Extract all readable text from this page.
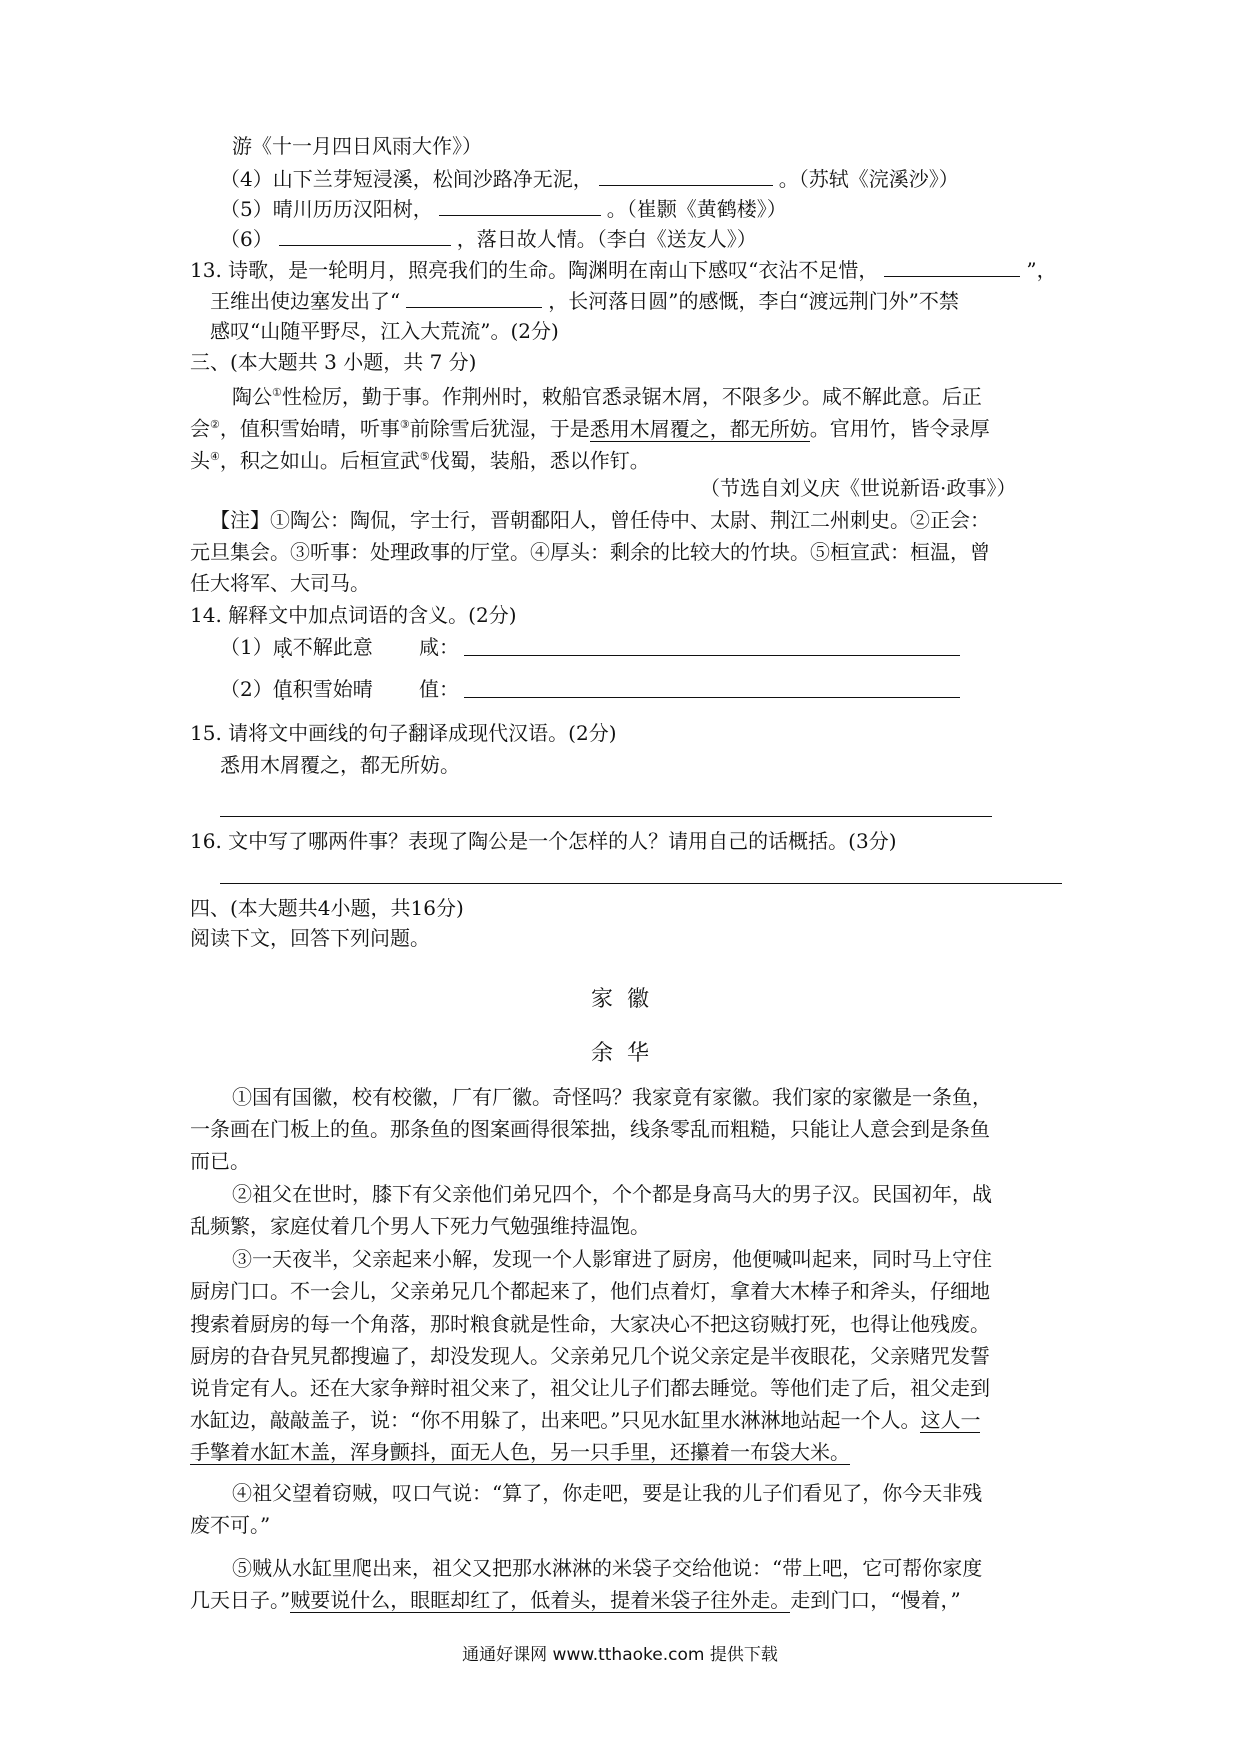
游《十一月四日风雨大作》）
（4）山下兰芽短浸溪，松间沙路净无泥，	。（苏轼《浣溪沙》）
（5）晴川历历汉阳树，	。（崔颢《黄鹤楼》）
（6）	，落日故人情。（李白《送友人》）
13. 诗歌，是一轮明月，照亮我们的生命。陶渊明在南山下感叹“衣沾不足惜，	”，
王维出使边塞发出了“	，长河落日圆”的感慨，李白“渡远荆门外”不禁
感叹“山随平野尽，江入大荒流”。(2分)
三、(本大题共 3 小题，共 7 分)
陶公①性检厉，勤于事。作荆州时，敕船官悉录锯木屑，不限多少。咸不解此意。后正
会②，值积雪始晴，听事③前除雪后犹湿，于是悉用木屑覆之，都无所妨。官用竹，皆令录厚
头④，积之如山。后桓宣武⑤伐蜀，装船，悉以作钉。
（节选自刘义庆《世说新语·政事》）
【注】①陶公：陶侃，字士行，晋朝鄱阳人，曾任侍中、太尉、荆江二州刺史。②正会：
元旦集会。③听事：处理政事的厅堂。④厚头：剩余的比较大的竹块。⑤桓宣武：桓温，曾
任大将军、大司马。
14. 解释文中加点词语的含义。(2分)
（1）咸不解此意 咸：
（2）值积雪始晴 值：
15. 请将文中画线的句子翻译成现代汉语。(2分)
悉用木屑覆之，都无所妨。
16. 文中写了哪两件事？表现了陶公是一个怎样的人？请用自己的话概括。(3分)
四、(本大题共4小题，共16分)
阅读下文，回答下列问题。
家徽
余华
①国有国徽，校有校徽，厂有厂徽。奇怪吗？我家竟有家徽。我们家的家徽是一条鱼，
一条画在门板上的鱼。那条鱼的图案画得很笨拙，线条零乱而粗糙，只能让人意会到是条鱼
而已。
②祖父在世时，膝下有父亲他们弟兄四个，个个都是身高马大的男子汉。民国初年，战
乱频繁，家庭仗着几个男人下死力气勉强维持温饱。
③一天夜半，父亲起来小解，发现一个人影窜进了厨房，他便喊叫起来，同时马上守住
厨房门口。不一会儿，父亲弟兄几个都起来了，他们点着灯，拿着大木棒子和斧头，仔细地
搜索着厨房的每一个角落，那时粮食就是性命，大家决心不把这窃贼打死，也得让他残废。
厨房的旮旮旯旯都搜遍了，却没发现人。父亲弟兄几个说父亲定是半夜眼花，父亲赌咒发誓
说肯定有人。还在大家争辩时祖父来了，祖父让儿子们都去睡觉。等他们走了后，祖父走到
水缸边，敲敲盖子，说：“你不用躲了，出来吧。”只见水缸里水淋淋地站起一个人。这人一
手擎着水缸木盖，浑身颤抖，面无人色，另一只手里，还攥着一布袋大米。
④祖父望着窃贼，叹口气说：“算了，你走吧，要是让我的儿子们看见了，你今天非残
废不可。”
⑤贼从水缸里爬出来，祖父又把那水淋淋的米袋子交给他说：“带上吧，它可帮你家度
几天日子。”贼要说什么，眼眶却红了，低着头，提着米袋子往外走。走到门口，“慢着，”
通通好课网 www.tthaoke.com 提供下载
